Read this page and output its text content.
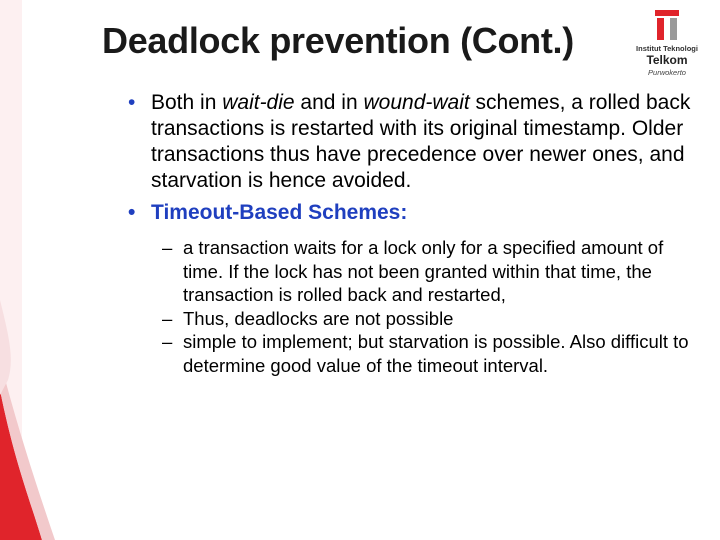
Deadlock prevention (Cont.)	Institut Teknologi
Telkom
Purwokerto

• Both in wait-die and in wound-wait schemes, a rolled back transactions is restarted with its original timestamp. Older transactions thus have precedence over newer ones, and starvation is hence avoided.

• Timeout-Based Schemes:

– a transaction waits for a lock only for a specified amount of time. If the lock has not been granted within that time, the transaction is rolled back and restarted,

– Thus, deadlocks are not possible

– simple to implement; but starvation is possible. Also difficult to determine good value of the timeout interval.
